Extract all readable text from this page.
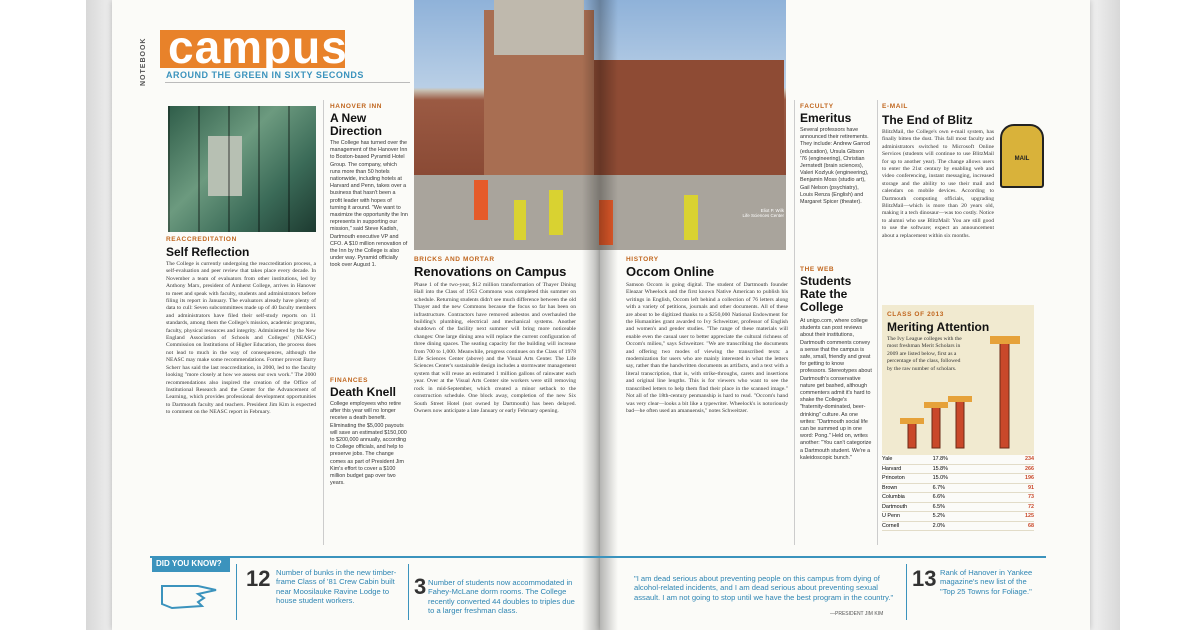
NOTEBOOK campus
AROUND THE GREEN IN SIXTY SECONDS
Eliot P. Wilk
Life Sciences Center
REACCREDITATION
Self Reflection
The College is currently undergoing the reaccreditation process, a self-evaluation and peer review that takes place every decade. In November a team of evaluators from other institutions, led by Anthony Marx, president of Amherst College, arrives in Hanover to meet and speak with faculty, students and administrators before filing its report in January. The evaluators already have plenty of data to cull: Seven subcommittees made up of 40 faculty members and administrators have filed their self-study reports on 11 standards, among them the College's mission, academic programs, faculty, physical resources and integrity. Administered by the New England Association of Schools and Colleges' (NEASC) Commission on Institutions of Higher Education, the process does not lead to much in the way of consequences, although the NEASC may make some recommendations. Former provost Barry Scherr has said the last reaccreditation, in 2000, led to the faculty looking "more closely at how we assess our own work." The 2000 recommendations also inspired the creation of the Office of Institutional Research and the Center for the Advancement of Learning, which provides professional development opportunities to Dartmouth faculty and teachers. President Jim Kim is expected to comment on the NEASC report in February.
HANOVER INN
A New Direction
The College has turned over the management of the Hanover Inn to Boston-based Pyramid Hotel Group. The company, which runs more than 50 hotels nationwide, including hotels at Harvard and Penn, takes over a business that hasn't been a profit leader with hopes of turning it around. "We want to maximize the opportunity the Inn represents in supporting our mission," said Steve Kadish, Dartmouth executive VP and CFO. A $10 million renovation of the Inn by the College is also under way. Pyramid officially took over August 1.
FINANCES
Death Knell
College employees who retire after this year will no longer receive a death benefit. Eliminating the $5,000 payouts will save an estimated $150,000 to $200,000 annually, according to College officials, and help to preserve jobs. The change comes as part of President Jim Kim's effort to cover a $100 million budget gap over two years.
BRICKS AND MORTAR
Renovations on Campus
Phase 1 of the two-year, $12 million transformation of Thayer Dining Hall into the Class of 1953 Commons was completed this summer on schedule. Returning students didn't see much difference between the old Thayer and the new Commons because the focus so far has been on infrastructure. Contractors have removed asbestos and overhauled the building's plumbing, electrical and mechanical systems. Another shutdown of the facility next summer will bring more noticeable changes: One large dining area will replace the current configuration of three dining spaces. The seating capacity for the building will increase from 700 to 1,000. Meanwhile, progress continues on the Class of 1978 Life Sciences Center (above) and the Visual Arts Center. The Life Sciences Center's sustainable design includes a stormwater management system that will reuse an estimated 1 million gallons of rainwater each year. Over at the Visual Arts Center site workers were still removing rock in mid-September, which created a minor setback to the construction schedule. One block away, completion of the new Six South Street Hotel (not owned by Dartmouth) has been delayed. Owners now anticipate a late January or early February opening.
HISTORY
Occom Online
Samson Occom is going digital. The student of Dartmouth founder Eleazar Wheelock and the first known Native American to publish his writings in English, Occom left behind a collection of 76 letters along with a variety of petitions, journals and other documents. All of these are about to be digitized thanks to a $250,000 National Endowment for the Humanities grant awarded to Ivy Schweitzer, professor of English and women's and gender studies. "The range of these materials will enable even the casual user to better appreciate the cultural richness of Occom's milieu," says Schweitzer. "We are transcribing the documents and offering two modes of viewing the transcribed texts: a modernization for users who are mainly interested in what the letters say, rather than the handwritten documents as artifacts, and a text with a literal transcription, that is, with strike-throughs, carets and insertions and original line lengths. This is for viewers who want to see the transcribed letters to help them find their place in the scanned image." Not all of the 18th-century penmanship is hard to read. "Occom's hand was very clear—looks a bit like a typewriter. Wheelock's is notoriously bad—he often used an amanuensis," notes Schweitzer.
FACULTY
Emeritus
Several professors have announced their retirements. They include: Andrew Garrod (education), Ursula Gibson '76 (engineering), Christian Jernstedt (brain sciences), Valeri Kozlyuk (engineering), Benjamin Moss (studio art), Gail Nelson (psychiatry), Louis Renza (English) and Margaret Spicer (theater).
THE WEB
Students Rate the College
At unigo.com, where college students can post reviews about their institutions, Dartmouth comments convey a sense that the campus is safe, small, friendly and great for getting to know professors. Stereotypes about Dartmouth's conservative nature get bashed, although commenters admit it's hard to shake the College's "fraternity-dominated, beer-drinking" culture. As one writes: "Dartmouth social life can be summed up in one word: Pong." Held on, writes another: "You can't categorize a Dartmouth student. We're a kaleidoscopic bunch."
E-MAIL
The End of Blitz
BlitzMail, the College's own e-mail system, has finally bitten the dust. This fall most faculty and administrators switched to Microsoft Online Services (students will continue to use BlitzMail for up to another year). The change allows users to enter the 21st century by enabling web and video conferencing, instant messaging, increased storage and the ability to use their mail and calendars on mobile devices. According to Dartmouth computing officials, upgrading BlitzMail—which is more than 20 years old, making it a tech dinosaur—was too costly. Notice to alumni who use BlitzMail: You are still good to use the software; expect an announcement about a replacement within six months.
MAIL
CLASS OF 2013
Meriting Attention
The Ivy League colleges with the most freshman Merit Scholars in 2009 are listed below, first as a percentage of the class, followed by the raw number of scholars.
Yale	17.8%	234
Harvard	15.8%	266
Princeton	15.0%	196
Brown	6.7%	91
Columbia	6.6%	73
Dartmouth	6.5%	72
U Penn	5.2%	125
Cornell	2.0%	68
DID YOU KNOW?
12 Number of bunks in the new timber-frame Class of '81 Crew Cabin built near Moosilauke Ravine Lodge to house student workers.
3 Number of students now accommodated in Fahey-McLane dorm rooms. The College recently converted 44 doubles to triples due to a larger freshman class.
"I am dead serious about preventing people on this campus from dying of alcohol-related incidents, and I am dead serious about preventing sexual assault. I am not going to stop until we have the best program in the country."
—PRESIDENT JIM KIM
13 Rank of Hanover in Yankee magazine's new list of the "Top 25 Towns for Foliage."
